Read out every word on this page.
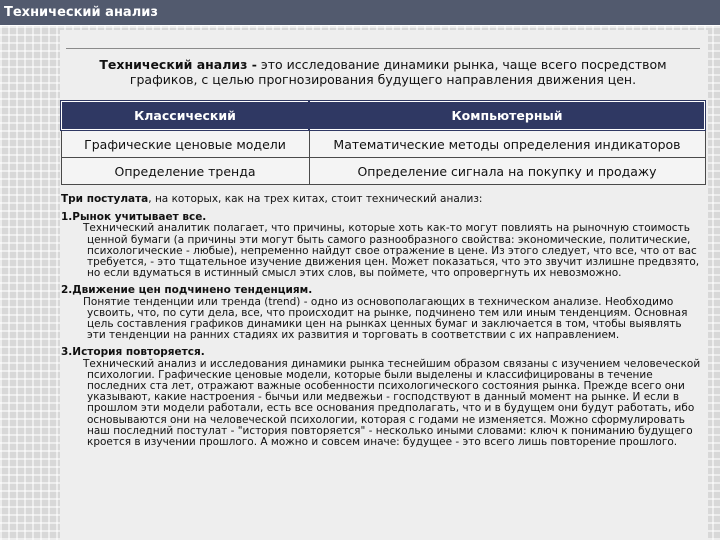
Технический анализ
Технический анализ - это исследование динамики рынка, чаще всего посредством графиков, с целью прогнозирования будущего направления движения цен.
Классический	Компьютерный
Графические ценовые модели	Математические методы определения индикаторов
Определение тренда	Определение сигнала на покупку и продажу

Три постулата, на которых, как на трех китах, стоит технический анализ:

1.Рынок учитывает все.

Технический аналитик полагает, что причины, которые хоть как-то могут повлиять на рыночную стоимость ценной бумаги (а причины эти могут быть самого разнообразного свойства: экономические, политические, психологические - любые), непременно найдут свое отражение в цене. Из этого следует, что все, что от вас требуется, - это тщательное изучение движения цен. Может показаться, что это звучит излишне предвзято, но если вдуматься в истинный смысл этих слов, вы поймете, что опровергнуть их невозможно.

2.Движение цен подчинено тенденциям.

Понятие тенденции или тренда (trend) - одно из основополагающих в техническом анализе. Необходимо усвоить, что, по сути дела, все, что происходит на рынке, подчинено тем или иным тенденциям. Основная цель составления графиков динамики цен на рынках ценных бумаг и заключается в том, чтобы выявлять эти тенденции на ранних стадиях их развития и торговать в соответствии с их направлением.

3.История повторяется.

Технический анализ и исследования динамики рынка теснейшим образом связаны с изучением человеческой психологии. Графические ценовые модели, которые были выделены и классифицированы в течение последних ста лет, отражают важные особенности психологического состояния рынка. Прежде всего они указывают, какие настроения - бычьи или медвежьи - господствуют в данный момент на рынке. И если в прошлом эти модели работали, есть все основания предполагать, что и в будущем они будут работать, ибо основываются они на человеческой психологии, которая с годами не изменяется. Можно сформулировать наш последний постулат - "история повторяется" - несколько иными словами: ключ к пониманию будущего кроется в изучении прошлого. А можно и совсем иначе: будущее - это всего лишь повторение прошлого.
